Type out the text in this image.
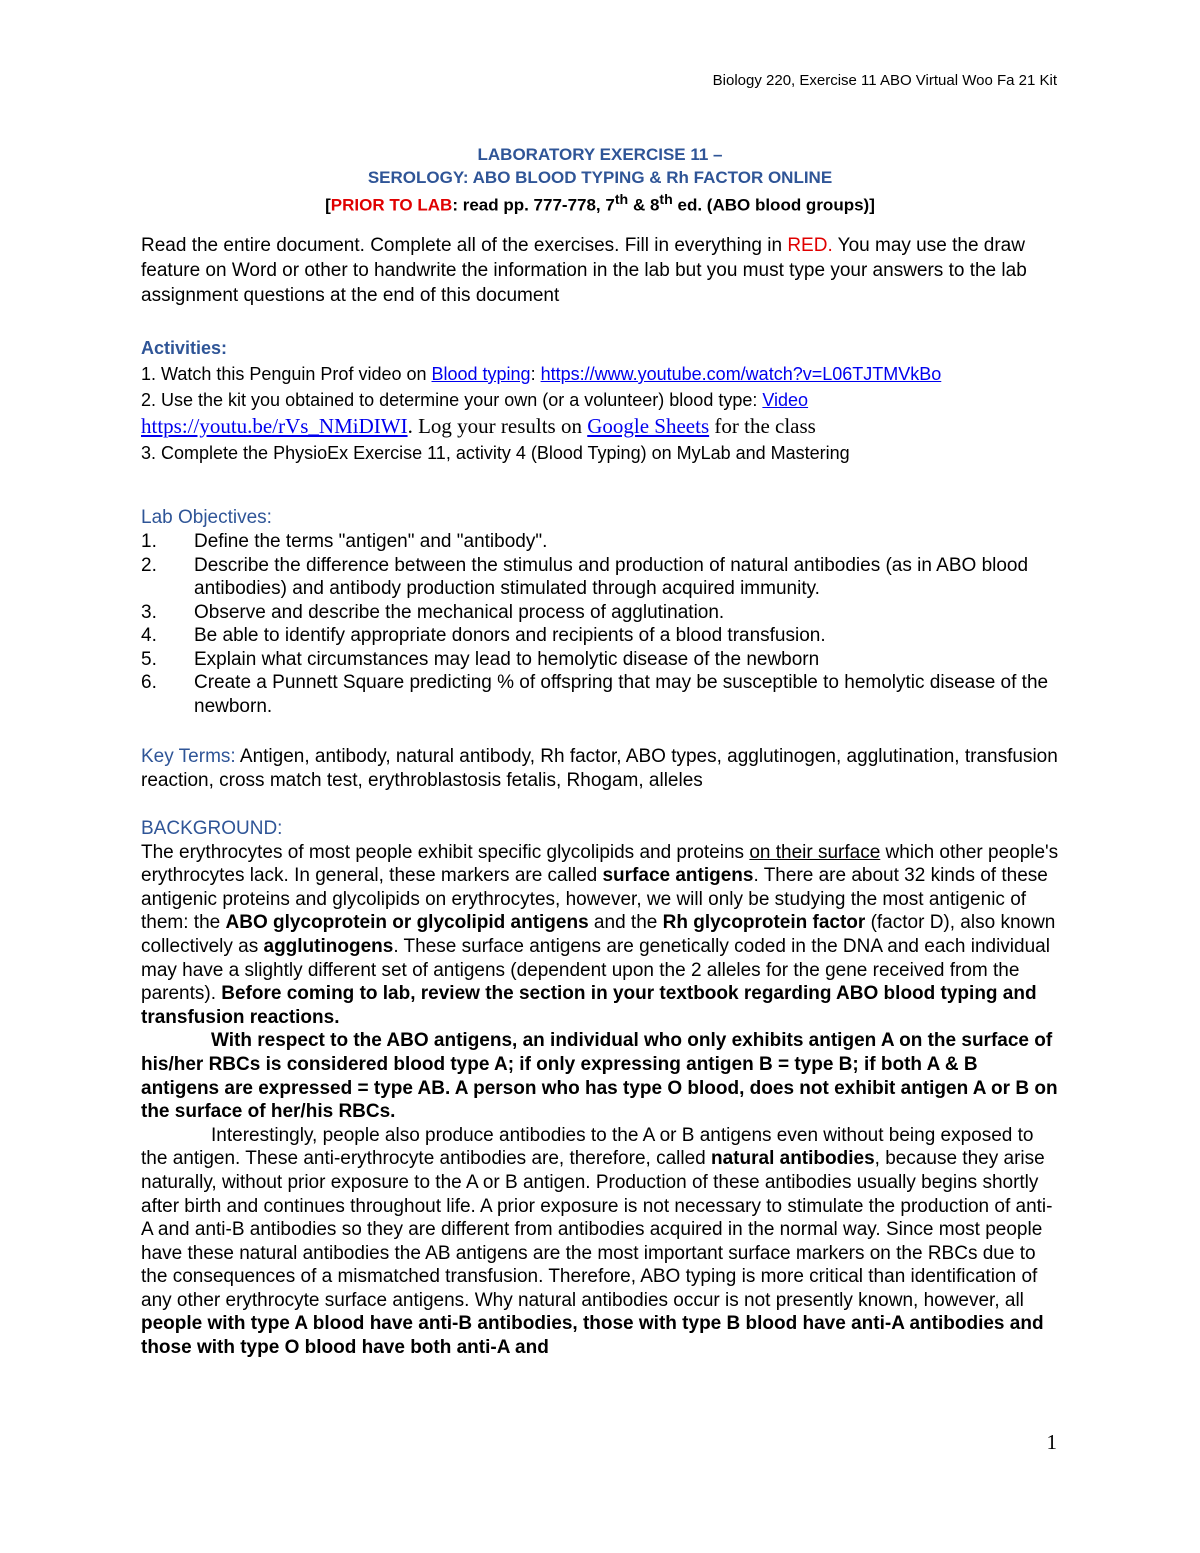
Biology 220, Exercise 11 ABO Virtual Woo Fa 21 Kit
LABORATORY EXERCISE 11 –
SEROLOGY: ABO BLOOD TYPING & Rh FACTOR ONLINE
[PRIOR TO LAB: read pp. 777-778, 7th & 8th ed. (ABO blood groups)]

Read the entire document. Complete all of the exercises. Fill in everything in RED. You may use the draw feature on Word or other to handwrite the information in the lab but you must type your answers to the lab assignment questions at the end of this document

Activities:
1. Watch this Penguin Prof video on Blood typing: https://www.youtube.com/watch?v=L06TJTMVkBo
2. Use the kit you obtained to determine your own (or a volunteer) blood type: Video https://youtu.be/rVs_NMiDIWI. Log your results on Google Sheets for the class
3. Complete the PhysioEx Exercise 11, activity 4 (Blood Typing) on MyLab and Mastering
Lab Objectives:
1.	Define the terms "antigen" and "antibody".
2.	Describe the difference between the stimulus and production of natural antibodies (as in ABO blood antibodies) and antibody production stimulated through acquired immunity.
3.	Observe and describe the mechanical process of agglutination.
4.	Be able to identify appropriate donors and recipients of a blood transfusion.
5.	Explain what circumstances may lead to hemolytic disease of the newborn
6.	Create a Punnett Square predicting % of offspring that may be susceptible to hemolytic disease of the newborn.

Key Terms: Antigen, antibody, natural antibody, Rh factor, ABO types, agglutinogen, agglutination, transfusion reaction, cross match test, erythroblastosis fetalis, Rhogam, alleles

BACKGROUND:

The erythrocytes of most people exhibit specific glycolipids and proteins on their surface which other people's erythrocytes lack. In general, these markers are called surface antigens. There are about 32 kinds of these antigenic proteins and glycolipids on erythrocytes, however, we will only be studying the most antigenic of them: the ABO glycoprotein or glycolipid antigens and the Rh glycoprotein factor (factor D), also known collectively as agglutinogens. These surface antigens are genetically coded in the DNA and each individual may have a slightly different set of antigens (dependent upon the 2 alleles for the gene received from the parents). Before coming to lab, review the section in your textbook regarding ABO blood typing and transfusion reactions.

With respect to the ABO antigens, an individual who only exhibits antigen A on the surface of his/her RBCs is considered blood type A; if only expressing antigen B = type B; if both A & B antigens are expressed = type AB. A person who has type O blood, does not exhibit antigen A or B on the surface of her/his RBCs.

Interestingly, people also produce antibodies to the A or B antigens even without being exposed to the antigen. These anti-erythrocyte antibodies are, therefore, called natural antibodies, because they arise naturally, without prior exposure to the A or B antigen. Production of these antibodies usually begins shortly after birth and continues throughout life. A prior exposure is not necessary to stimulate the production of anti-A and anti-B antibodies so they are different from antibodies acquired in the normal way. Since most people have these natural antibodies the AB antigens are the most important surface markers on the RBCs due to the consequences of a mismatched transfusion. Therefore, ABO typing is more critical than identification of any other erythrocyte surface antigens. Why natural antibodies occur is not presently known, however, all people with type A blood have anti-B antibodies, those with type B blood have anti-A antibodies and those with type O blood have both anti-A and

1
